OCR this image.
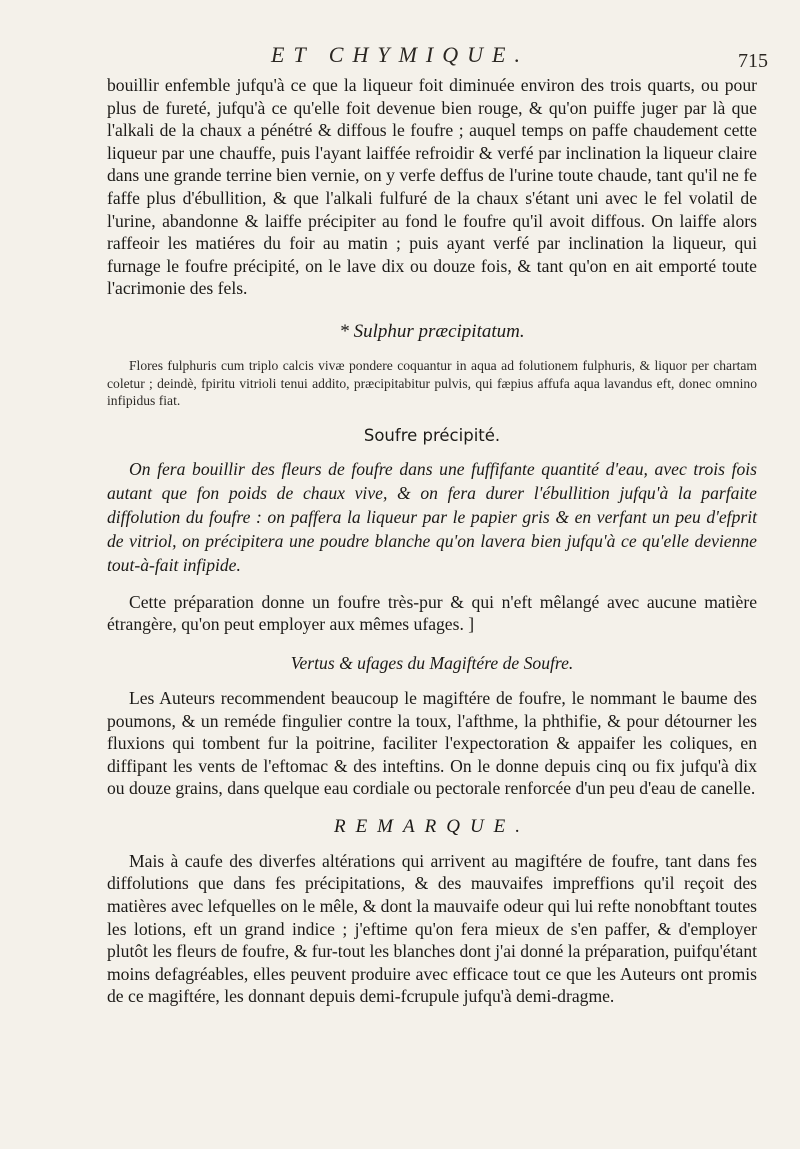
ET CHYMIQUE.	715

bouillir enfemble jufqu'à ce que la liqueur foit diminuée environ des trois quarts, ou pour plus de fureté, jufqu'à ce qu'elle foit devenue bien rouge, & qu'on puiffe juger par là que l'alkali de la chaux a pénétré & diffous le foufre ; auquel temps on paffe chaudement cette liqueur par une chauffe, puis l'ayant laiffée refroidir & verfé par inclination la liqueur claire dans une grande terrine bien vernie, on y verfe deffus de l'urine toute chaude, tant qu'il ne fe faffe plus d'ébullition, & que l'alkali fulfuré de la chaux s'étant uni avec le fel volatil de l'urine, abandonne & laiffe précipiter au fond le foufre qu'il avoit diffous. On laiffe alors raffeoir les matiéres du foir au matin ; puis ayant verfé par inclination la liqueur, qui furnage le foufre précipité, on le lave dix ou douze fois, & tant qu'on en ait emporté toute l'acrimonie des fels.

* Sulphur præcipitatum.

Flores fulphuris cum triplo calcis vivæ pondere coquantur in aqua ad folutionem fulphuris, & liquor per chartam coletur ; deindè, fpiritu vitrioli tenui addito, præcipitabitur pulvis, qui fæpius affufa aqua lavandus eft, donec omnino infipidus fiat.

Soufre précipité.

On fera bouillir des fleurs de foufre dans une fuffifante quantité d'eau, avec trois fois autant que fon poids de chaux vive, & on fera durer l'ébullition jufqu'à la parfaite diffolution du foufre : on paffera la liqueur par le papier gris & en verfant un peu d'efprit de vitriol, on précipitera une poudre blanche qu'on lavera bien jufqu'à ce qu'elle devienne tout-à-fait infipide.

Cette préparation donne un foufre très-pur & qui n'eft mêlangé avec aucune matière étrangère, qu'on peut employer aux mêmes ufages. ]

Vertus & ufages du Magiftére de Soufre.

Les Auteurs recommendent beaucoup le magiftére de foufre, le nommant le baume des poumons, & un reméde fingulier contre la toux, l'afthme, la phthifie, & pour détourner les fluxions qui tombent fur la poitrine, faciliter l'expectoration & appaifer les coliques, en diffipant les vents de l'eftomac & des inteftins. On le donne depuis cinq ou fix jufqu'à dix ou douze grains, dans quelque eau cordiale ou pectorale renforcée d'un peu d'eau de canelle.

REMARQUE.

Mais à caufe des diverfes altérations qui arrivent au magiftére de foufre, tant dans fes diffolutions que dans fes précipitations, & des mauvaifes impreffions qu'il reçoit des matières avec lefquelles on le mêle, & dont la mauvaife odeur qui lui refte nonobftant toutes les lotions, eft un grand indice ; j'eftime qu'on fera mieux de s'en paffer, & d'employer plutôt les fleurs de foufre, & fur-tout les blanches dont j'ai donné la préparation, puifqu'étant moins defagréables, elles peuvent produire avec efficace tout ce que les Auteurs ont promis de ce magiftére, les donnant depuis demi-fcrupule jufqu'à demi-dragme.
